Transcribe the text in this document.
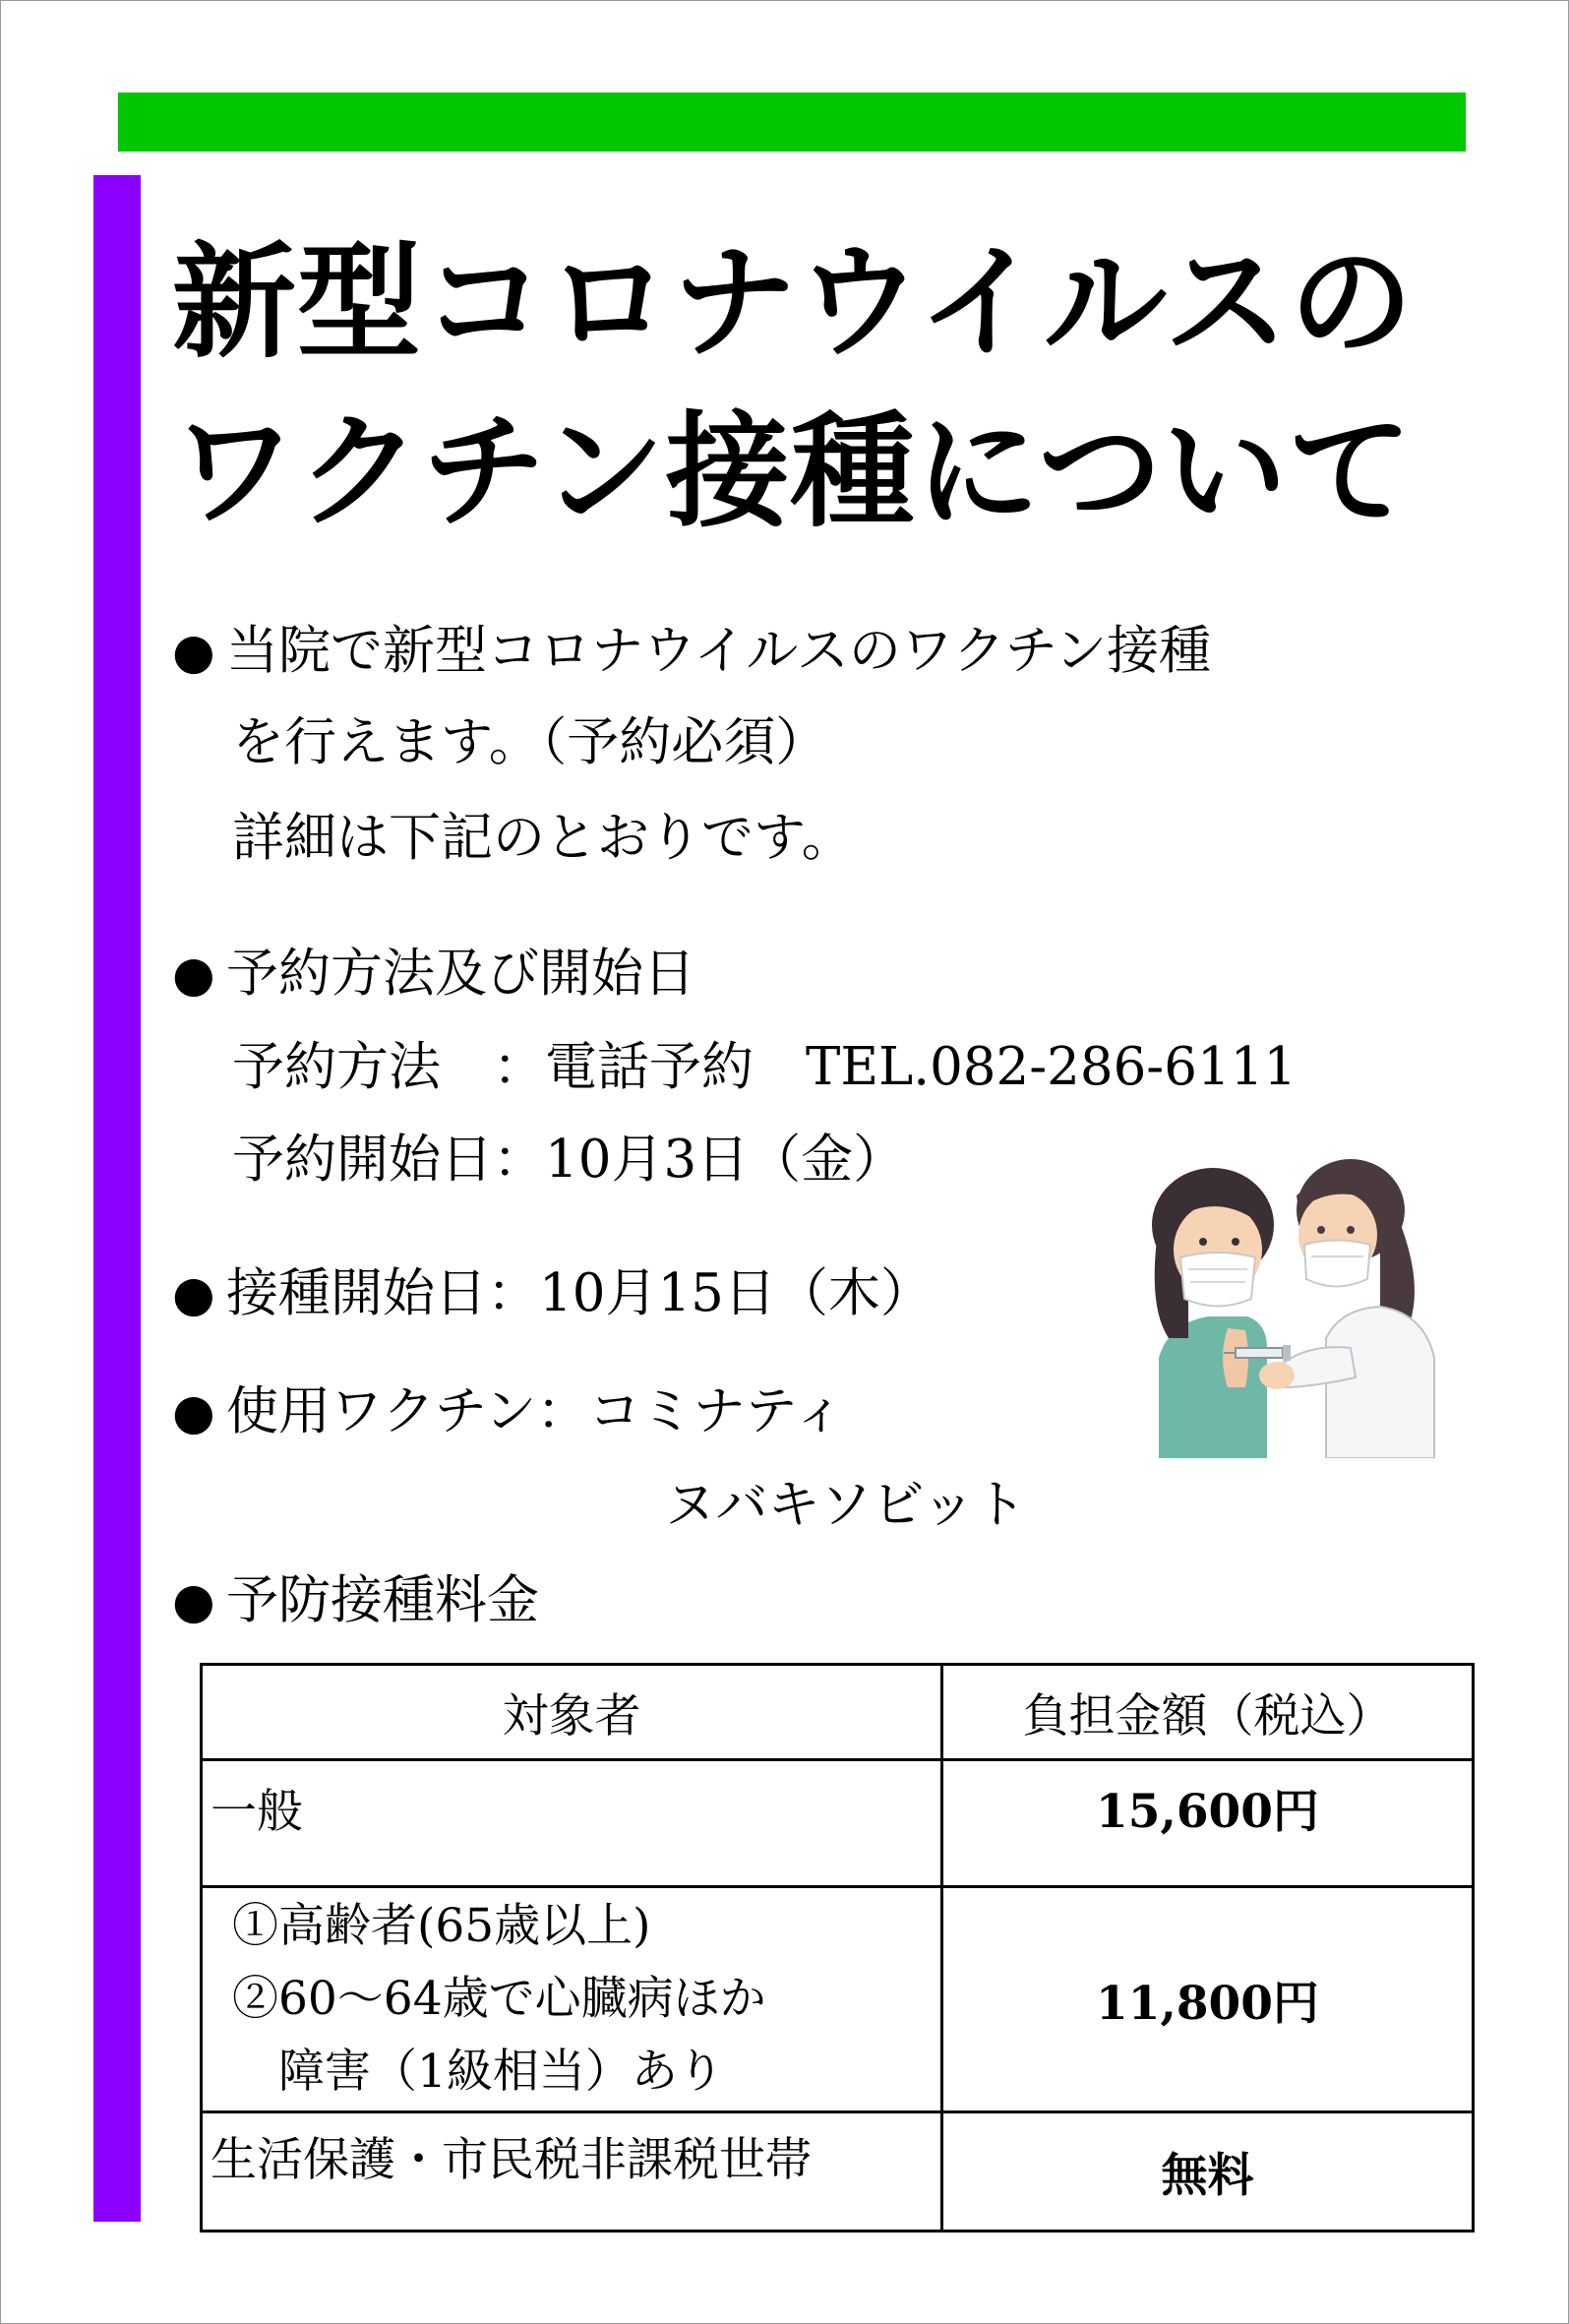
新型コロナウイルスの
ワクチン接種について
● 当院で新型コロナウイルスのワクチン接種
を行えます。（予約必須）
詳細は下記のとおりです。
● 予約方法及び開始日
予約方法　：電話予約　TEL.082-286-6111
予約開始日：10月3日（金）
● 接種開始日：10月15日（木）
● 使用ワクチン：コミナティ
ヌバキソビット
● 予防接種料金
対象者	負担金額（税込）
一般	15,600円

①高齢者(65歳以上)
②60〜64歳で心臓病ほか
　障害（1級相当）あり	11,800円
生活保護・市民税非課税世帯	無料
